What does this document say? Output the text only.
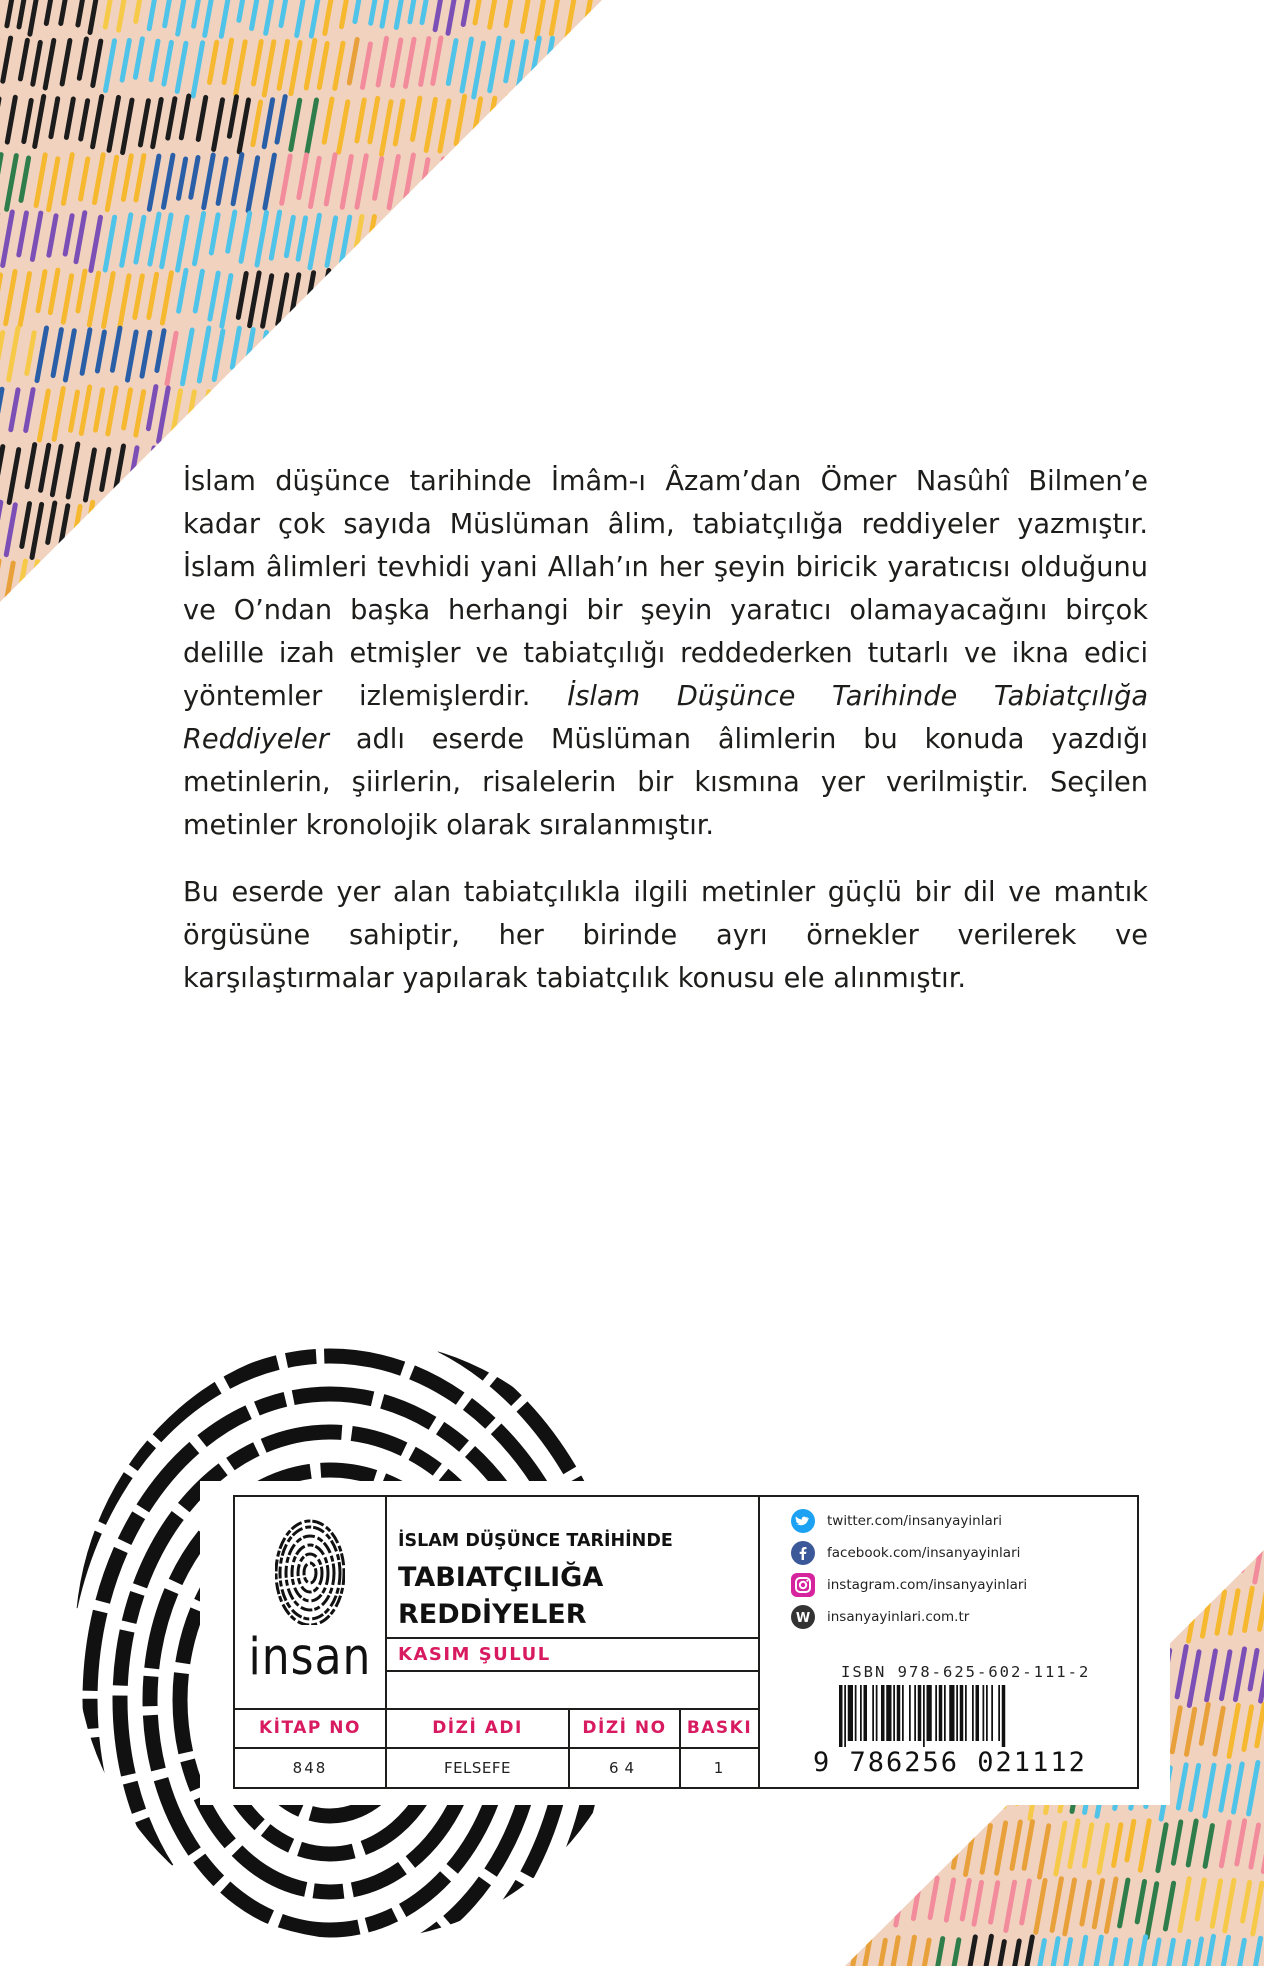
İslam düşünce tarihinde İmâm-ı Âzam’dan Ömer Nasûhî Bilmen’e kadar çok sayıda Müslüman âlim, tabiatçılığa reddiyeler yazmıştır. İslam âlimleri tevhidi yani Allah’ın her şeyin biricik yaratıcısı olduğunu ve O’ndan başka herhangi bir şeyin yaratıcı olamayacağını birçok delille izah etmişler ve tabiatçılığı reddederken tutarlı ve ikna edici yöntemler izlemişlerdir. İslam Düşünce Tarihinde Tabiatçılığa Reddiyeler adlı eserde Müslüman âlimlerin bu konuda yazdığı metinlerin, şiirlerin, risalelerin bir kısmına yer verilmiştir. Seçilen metinler kronolojik olarak sıralanmıştır.

Bu eserde yer alan tabiatçılıkla ilgili metinler güçlü bir dil ve mantık örgüsüne sahiptir, her birinde ayrı örnekler verilerek ve karşılaştırmalar yapılarak tabiatçılık konusu ele alınmıştır.

insan
İSLAM DÜŞÜNCE TARİHİNDE
TABIATÇILIĞA
REDDİYELER
KASIM ŞULUL
KİTAP NO	DİZİ ADI	DİZİ NO	BASKI
848	FELSEFE	64	1
twitter.com/insanyayinlari
facebook.com/insanyayinlari
instagram.com/insanyayinlari
W insanyayinlari.com.tr
ISBN 978-625-602-111-2
9 786256 021112
